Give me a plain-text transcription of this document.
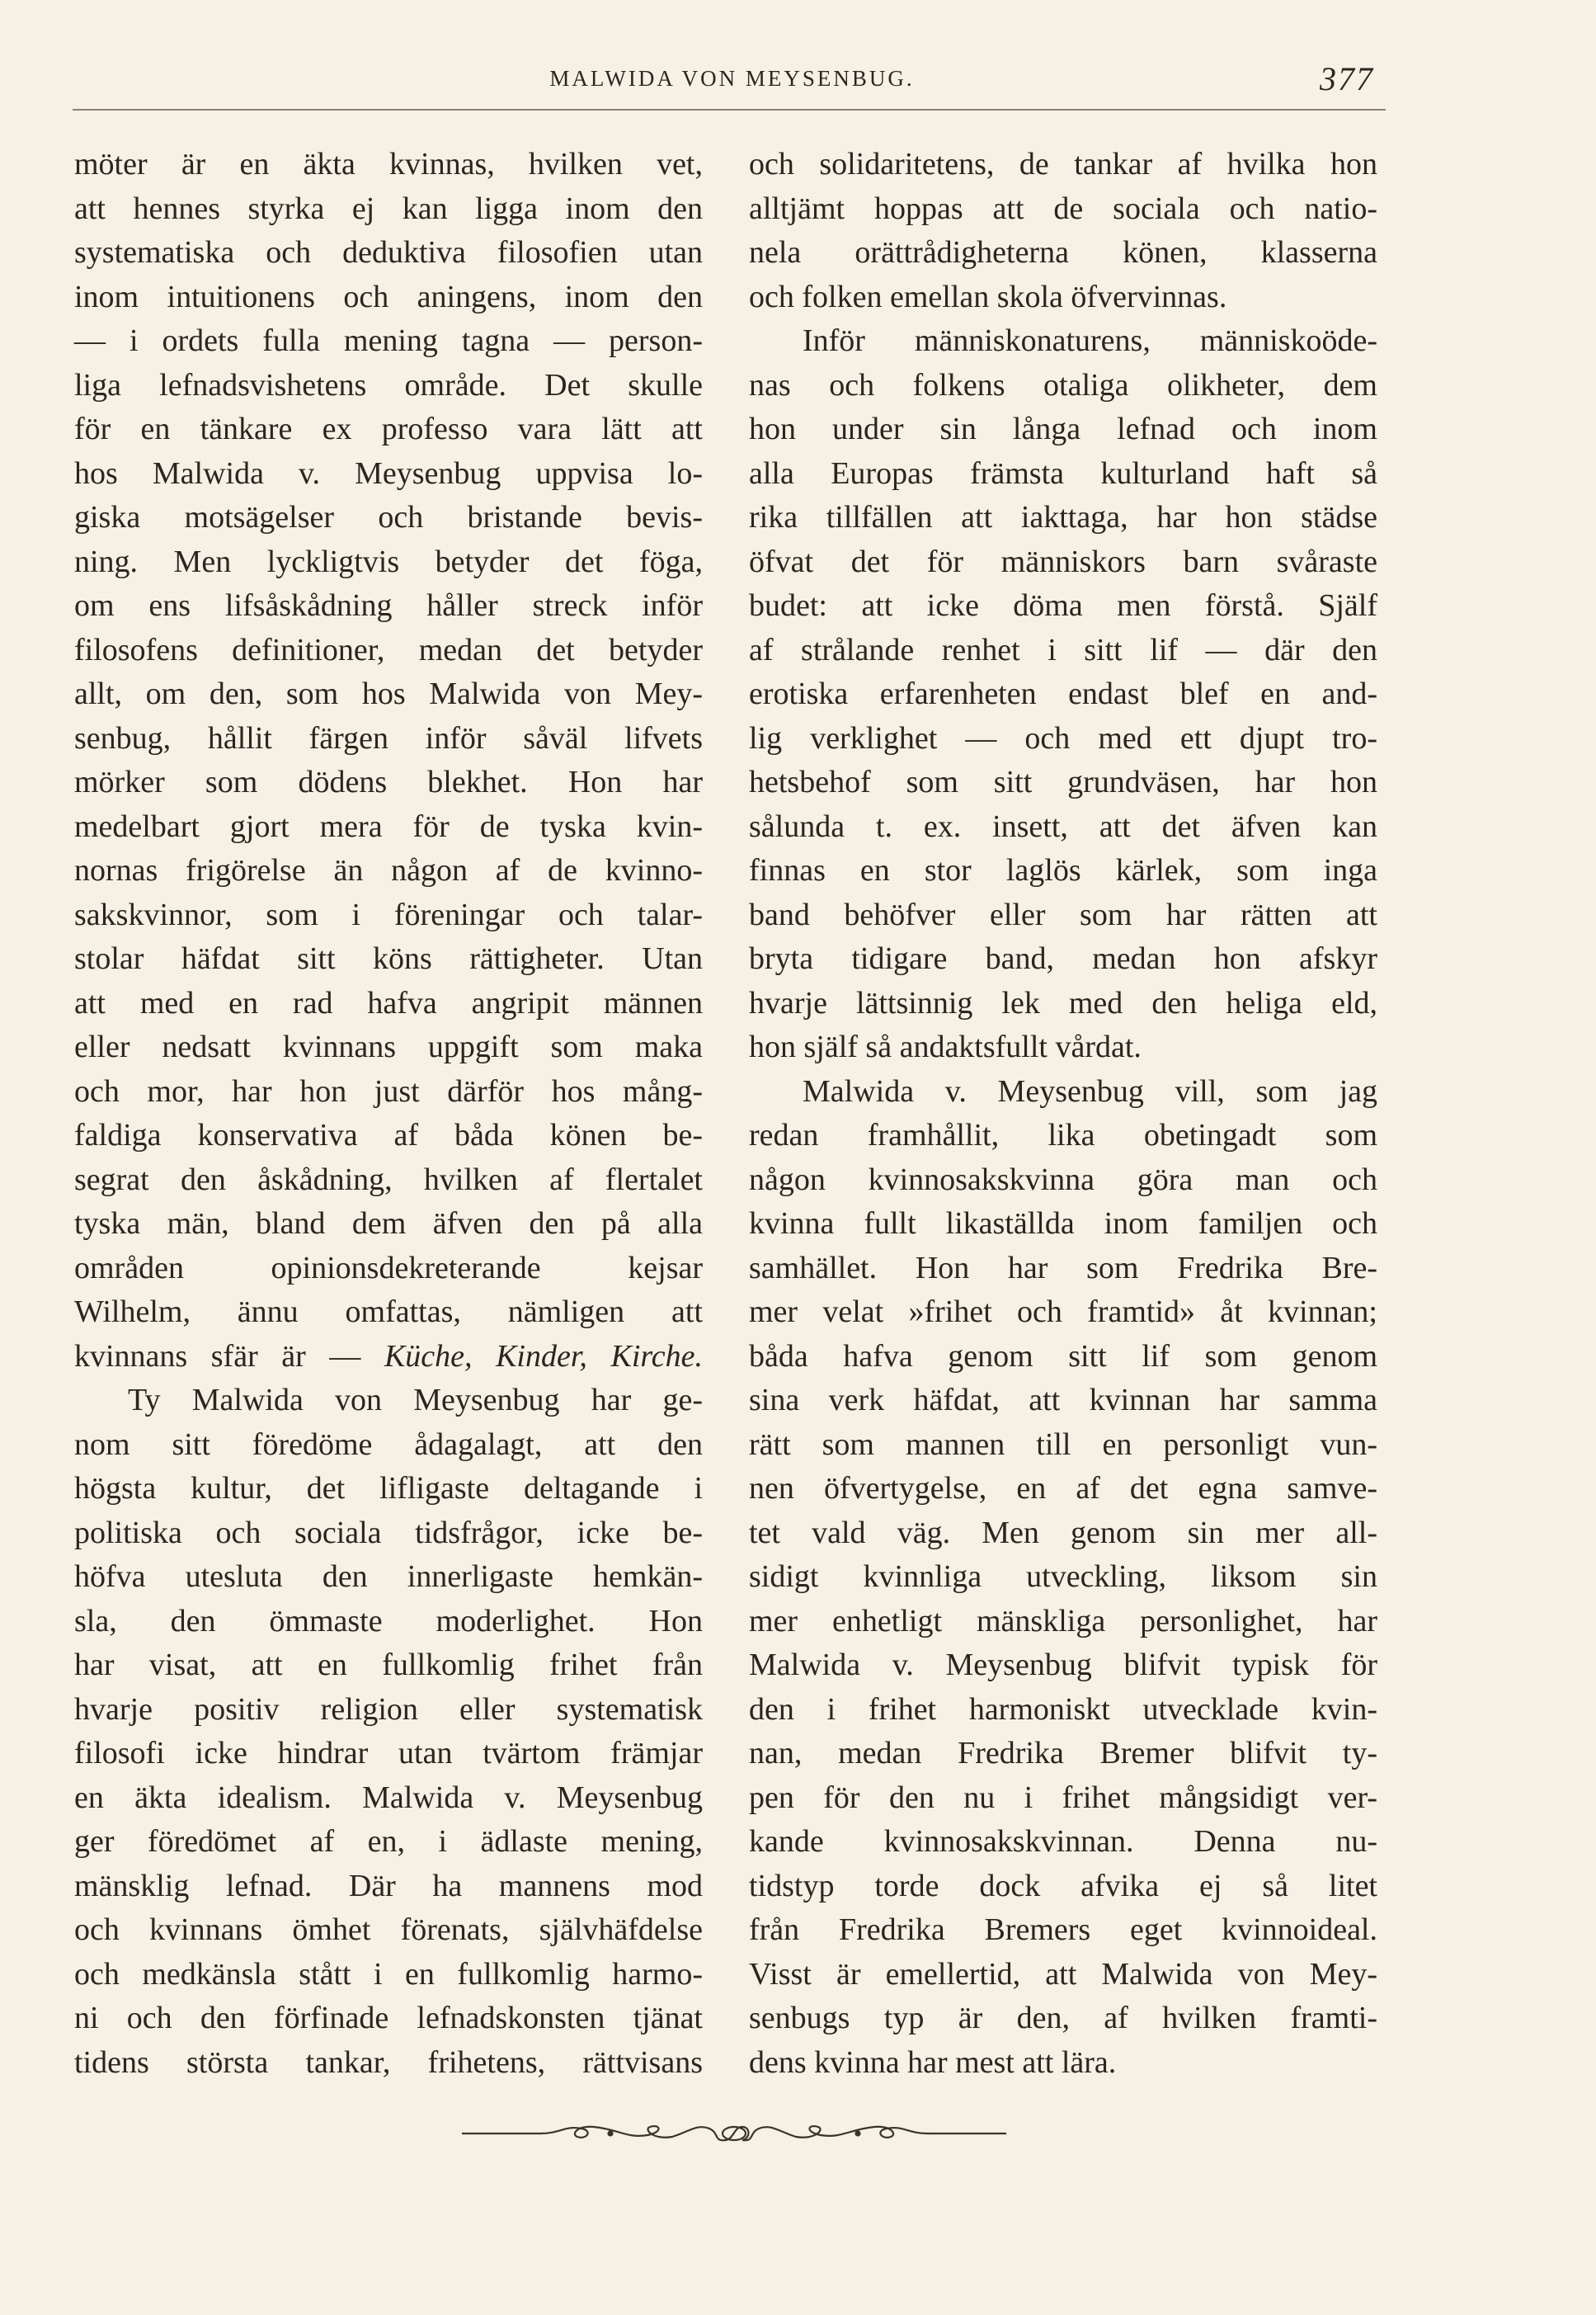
MALWIDA VON MEYSENBUG.	377
möter är en äkta kvinnas, hvilken vet,
att hennes styrka ej kan ligga inom den
systematiska och deduktiva filosofien utan
inom intuitionens och aningens, inom den
— i ordets fulla mening tagna — person-
liga lefnadsvishetens område. Det skulle
för en tänkare ex professo vara lätt att
hos Malwida v. Meysenbug uppvisa lo-
giska motsägelser och bristande bevis-
ning. Men lyckligtvis betyder det föga,
om ens lifsåskådning håller streck inför
filosofens definitioner, medan det betyder
allt, om den, som hos Malwida von Mey-
senbug, hållit färgen inför såväl lifvets
mörker som dödens blekhet. Hon har
medelbart gjort mera för de tyska kvin-
nornas frigörelse än någon af de kvinno-
sakskvinnor, som i föreningar och talar-
stolar häfdat sitt köns rättigheter. Utan
att med en rad hafva angripit männen
eller nedsatt kvinnans uppgift som maka
och mor, har hon just därför hos mång-
faldiga konservativa af båda könen be-
segrat den åskådning, hvilken af flertalet
tyska män, bland dem äfven den på alla
områden opinionsdekreterande kejsar
Wilhelm, ännu omfattas, nämligen att
kvinnans sfär är — Küche, Kinder, Kirche.
Ty Malwida von Meysenbug har ge-
nom sitt föredöme ådagalagt, att den
högsta kultur, det lifligaste deltagande i
politiska och sociala tidsfrågor, icke be-
höfva utesluta den innerligaste hemkän-
sla, den ömmaste moderlighet. Hon
har visat, att en fullkomlig frihet från
hvarje positiv religion eller systematisk
filosofi icke hindrar utan tvärtom främjar
en äkta idealism. Malwida v. Meysenbug
ger föredömet af en, i ädlaste mening,
mänsklig lefnad. Där ha mannens mod
och kvinnans ömhet förenats, självhäfdelse
och medkänsla stått i en fullkomlig harmo-
ni och den förfinade lefnadskonsten tjänat
tidens största tankar, frihetens, rättvisans
och solidaritetens, de tankar af hvilka hon
alltjämt hoppas att de sociala och natio-
nela orättrådigheterna könen, klasserna
och folken emellan skola öfvervinnas.
Inför människonaturens, människoöde-
nas och folkens otaliga olikheter, dem
hon under sin långa lefnad och inom
alla Europas främsta kulturland haft så
rika tillfällen att iakttaga, har hon städse
öfvat det för människors barn svåraste
budet: att icke döma men förstå. Själf
af strålande renhet i sitt lif — där den
erotiska erfarenheten endast blef en and-
lig verklighet — och med ett djupt tro-
hetsbehof som sitt grundväsen, har hon
sålunda t. ex. insett, att det äfven kan
finnas en stor laglös kärlek, som inga
band behöfver eller som har rätten att
bryta tidigare band, medan hon afskyr
hvarje lättsinnig lek med den heliga eld,
hon själf så andaktsfullt vårdat.
Malwida v. Meysenbug vill, som jag
redan framhållit, lika obetingadt som
någon kvinnosakskvinna göra man och
kvinna fullt likaställda inom familjen och
samhället. Hon har som Fredrika Bre-
mer velat »frihet och framtid» åt kvinnan;
båda hafva genom sitt lif som genom
sina verk häfdat, att kvinnan har samma
rätt som mannen till en personligt vun-
nen öfvertygelse, en af det egna samve-
tet vald väg. Men genom sin mer all-
sidigt kvinnliga utveckling, liksom sin
mer enhetligt mänskliga personlighet, har
Malwida v. Meysenbug blifvit typisk för
den i frihet harmoniskt utvecklade kvin-
nan, medan Fredrika Bremer blifvit ty-
pen för den nu i frihet mångsidigt ver-
kande kvinnosakskvinnan. Denna nu-
tidstyp torde dock afvika ej så litet
från Fredrika Bremers eget kvinnoideal.
Visst är emellertid, att Malwida von Mey-
senbugs typ är den, af hvilken framti-
dens kvinna har mest att lära.
